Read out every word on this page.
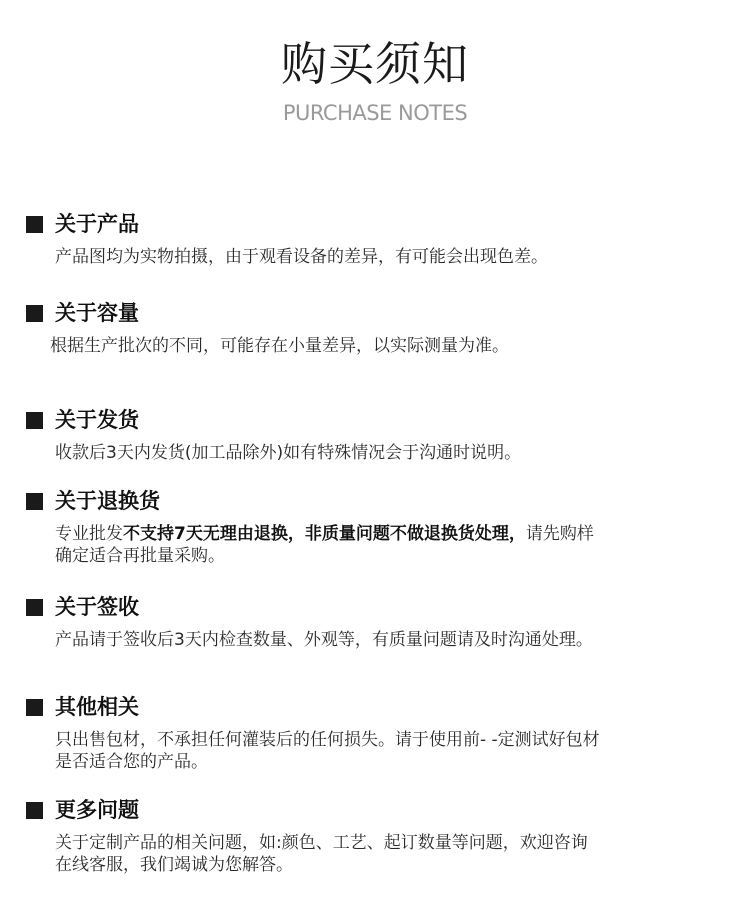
购买须知
PURCHASE NOTES
关于产品
产品图均为实物拍摄，由于观看设备的差异，有可能会出现色差。
关于容量
根据生产批次的不同，可能存在小量差异，以实际测量为准。
关于发货
收款后3天内发货(加工品除外)如有特殊情况会于沟通时说明。
关于退换货
专业批发不支持7天无理由退换，非质量问题不做退换货处理，请先购样
确定适合再批量采购。
关于签收
产品请于签收后3天内检查数量、外观等，有质量问题请及时沟通处理。
其他相关
只出售包材，不承担任何灌装后的任何损失。请于使用前- -定测试好包材
是否适合您的产品。
更多问题
关于定制产品的相关问题，如:颜色、工艺、起订数量等问题，欢迎咨询
在线客服，我们竭诚为您解答。
